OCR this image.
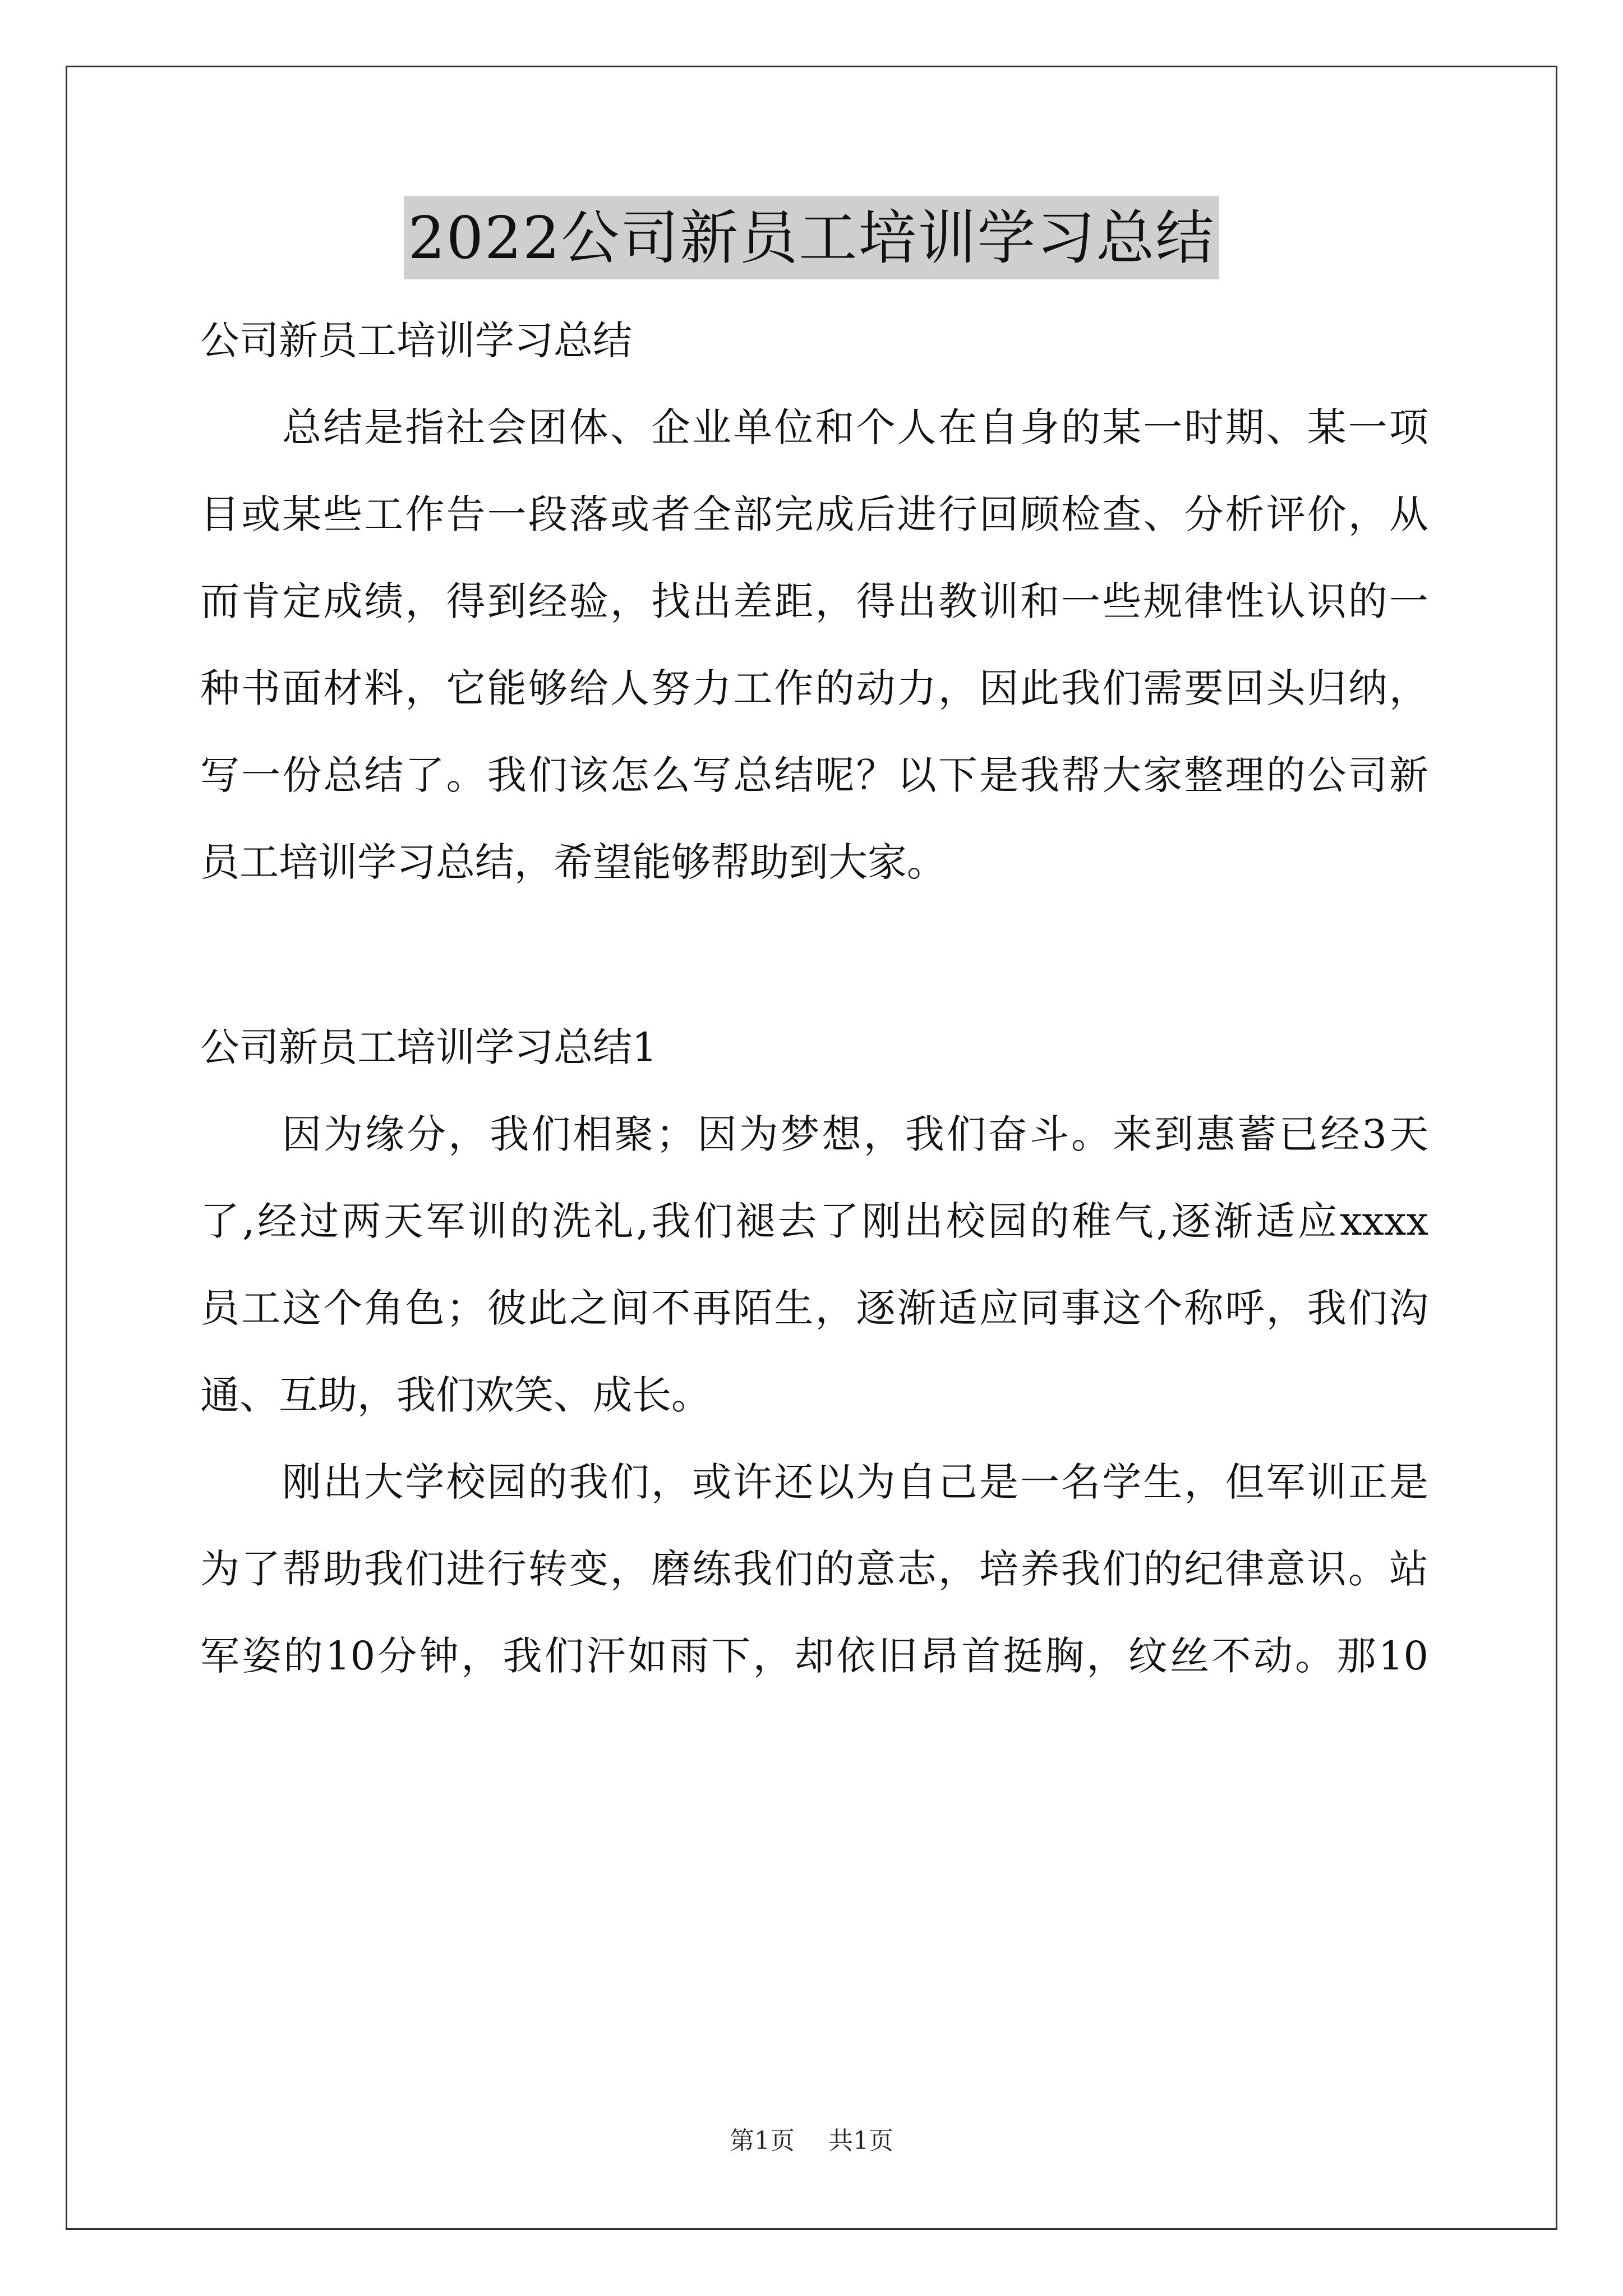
2022公司新员工培训学习总结
公司新员工培训学习总结
总结是指社会团体、企业单位和个人在自身的某一时期、某一项
目或某些工作告一段落或者全部完成后进行回顾检查、分析评价，从
而肯定成绩，得到经验，找出差距，得出教训和一些规律性认识的一
种书面材料，它能够给人努力工作的动力，因此我们需要回头归纳，
写一份总结了。我们该怎么写总结呢？以下是我帮大家整理的公司新
员工培训学习总结，希望能够帮助到大家。
公司新员工培训学习总结1
因为缘分，我们相聚；因为梦想，我们奋斗。来到惠蓄已经3天
了,经过两天军训的洗礼,我们褪去了刚出校园的稚气,逐渐适应xxxx
员工这个角色；彼此之间不再陌生，逐渐适应同事这个称呼，我们沟
通、互助，我们欢笑、成长。
刚出大学校园的我们，或许还以为自己是一名学生，但军训正是
为了帮助我们进行转变，磨练我们的意志，培养我们的纪律意识。站
军姿的10分钟，我们汗如雨下，却依旧昂首挺胸，纹丝不动。那10
第1页 共1页
